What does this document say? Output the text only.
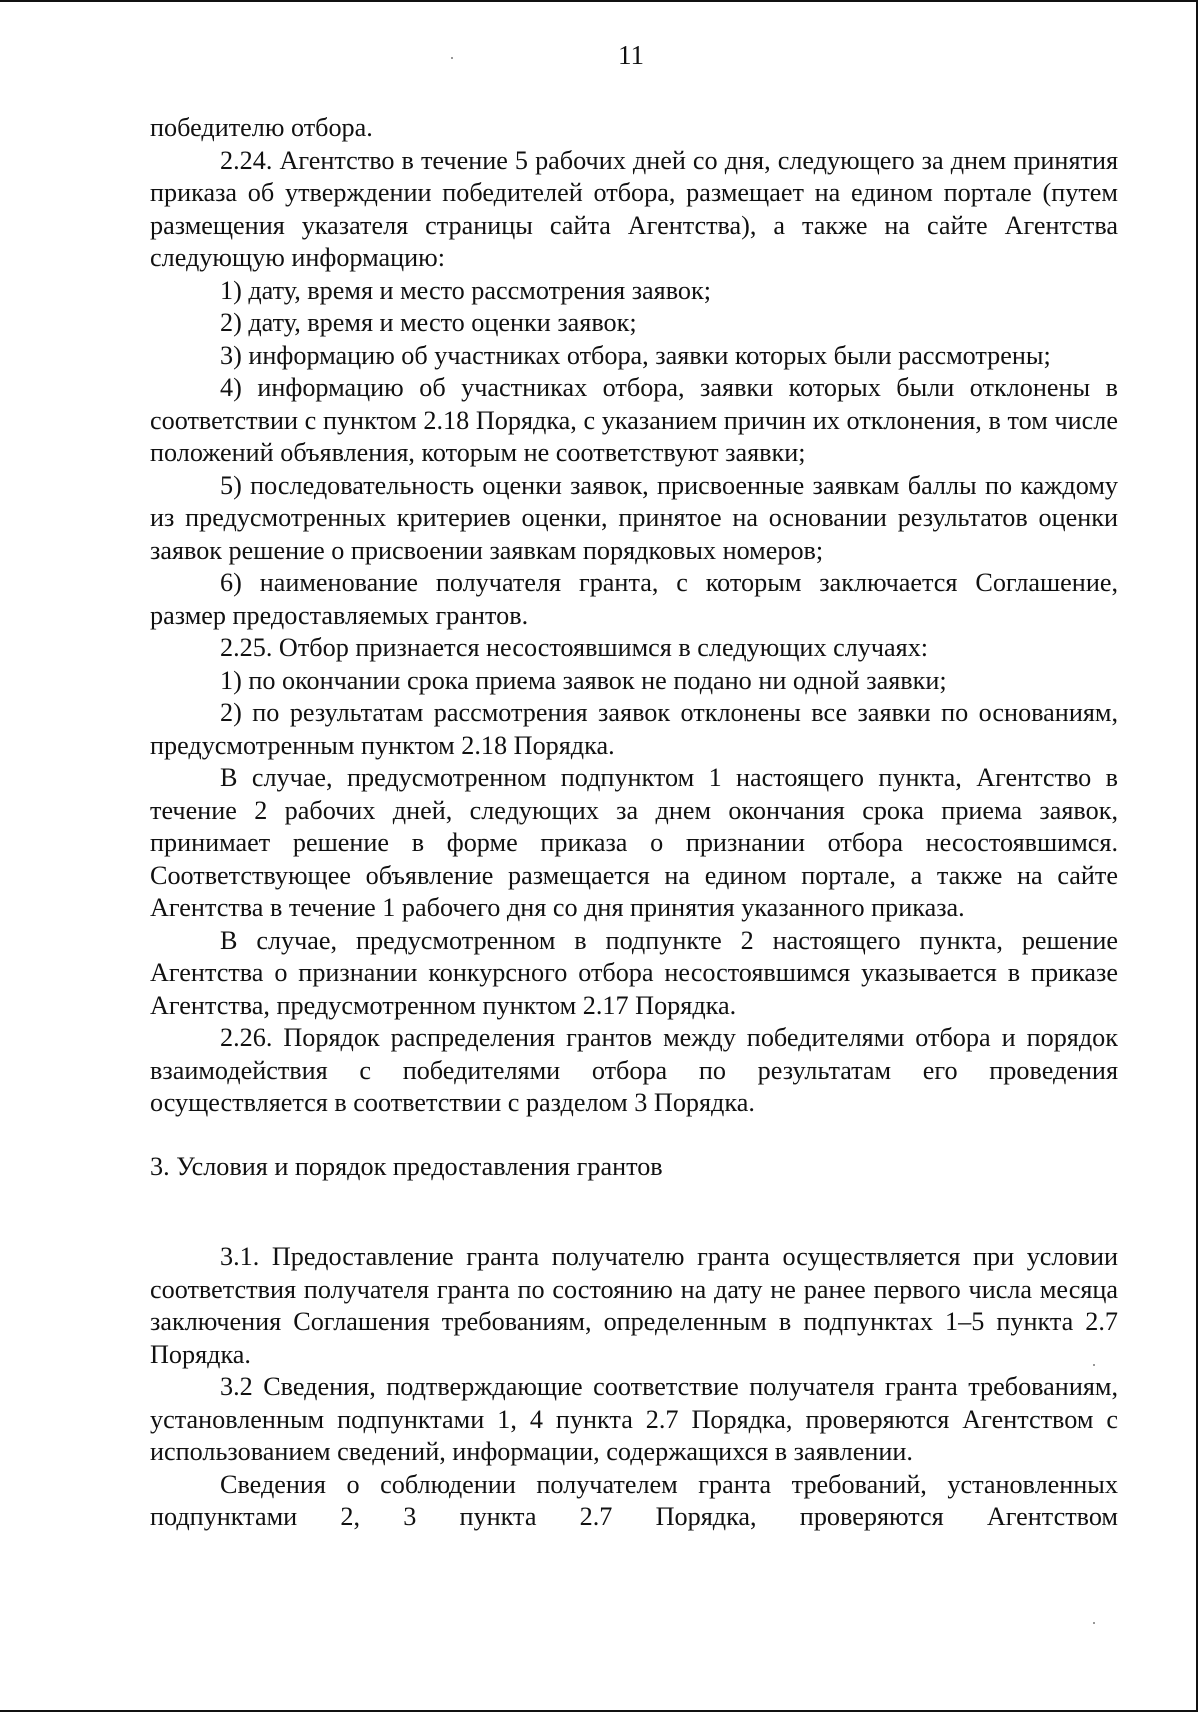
11

победителю отбора.

2.24. Агентство в течение 5 рабочих дней со дня, следующего за днем принятия приказа об утверждении победителей отбора, размещает на едином портале (путем размещения указателя страницы сайта Агентства), а также на сайте Агентства следующую информацию:

1) дату, время и место рассмотрения заявок;

2) дату, время и место оценки заявок;

3) информацию об участниках отбора, заявки которых были рассмотрены;

4) информацию об участниках отбора, заявки которых были отклонены в соответствии с пунктом 2.18 Порядка, с указанием причин их отклонения, в том числе положений объявления, которым не соответствуют заявки;

5) последовательность оценки заявок, присвоенные заявкам баллы по каждому из предусмотренных критериев оценки, принятое на основании результатов оценки заявок решение о присвоении заявкам порядковых номеров;

6) наименование получателя гранта, с которым заключается Соглашение, размер предоставляемых грантов.

2.25. Отбор признается несостоявшимся в следующих случаях:

1) по окончании срока приема заявок не подано ни одной заявки;

2) по результатам рассмотрения заявок отклонены все заявки по основаниям, предусмотренным пунктом 2.18 Порядка.

В случае, предусмотренном подпунктом 1 настоящего пункта, Агентство в течение 2 рабочих дней, следующих за днем окончания срока приема заявок, принимает решение в форме приказа о признании отбора несостоявшимся. Соответствующее объявление размещается на едином портале, а также на сайте Агентства в течение 1 рабочего дня со дня принятия указанного приказа.

В случае, предусмотренном в подпункте 2 настоящего пункта, решение Агентства о признании конкурсного отбора несостоявшимся указывается в приказе Агентства, предусмотренном пунктом 2.17 Порядка.

2.26. Порядок распределения грантов между победителями отбора и порядок взаимодействия с победителями отбора по результатам его проведения осуществляется в соответствии с разделом 3 Порядка.

3. Условия и порядок предоставления грантов

3.1. Предоставление гранта получателю гранта осуществляется при условии соответствия получателя гранта по состоянию на дату не ранее первого числа месяца заключения Соглашения требованиям, определенным в подпунктах 1–5 пункта 2.7 Порядка.

3.2 Сведения, подтверждающие соответствие получателя гранта требованиям, установленным подпунктами 1, 4 пункта 2.7 Порядка, проверяются Агентством с использованием сведений, информации, содержащихся в заявлении.

Сведения о соблюдении получателем гранта требований, установленных подпунктами 2, 3 пункта 2.7 Порядка, проверяются Агентством
